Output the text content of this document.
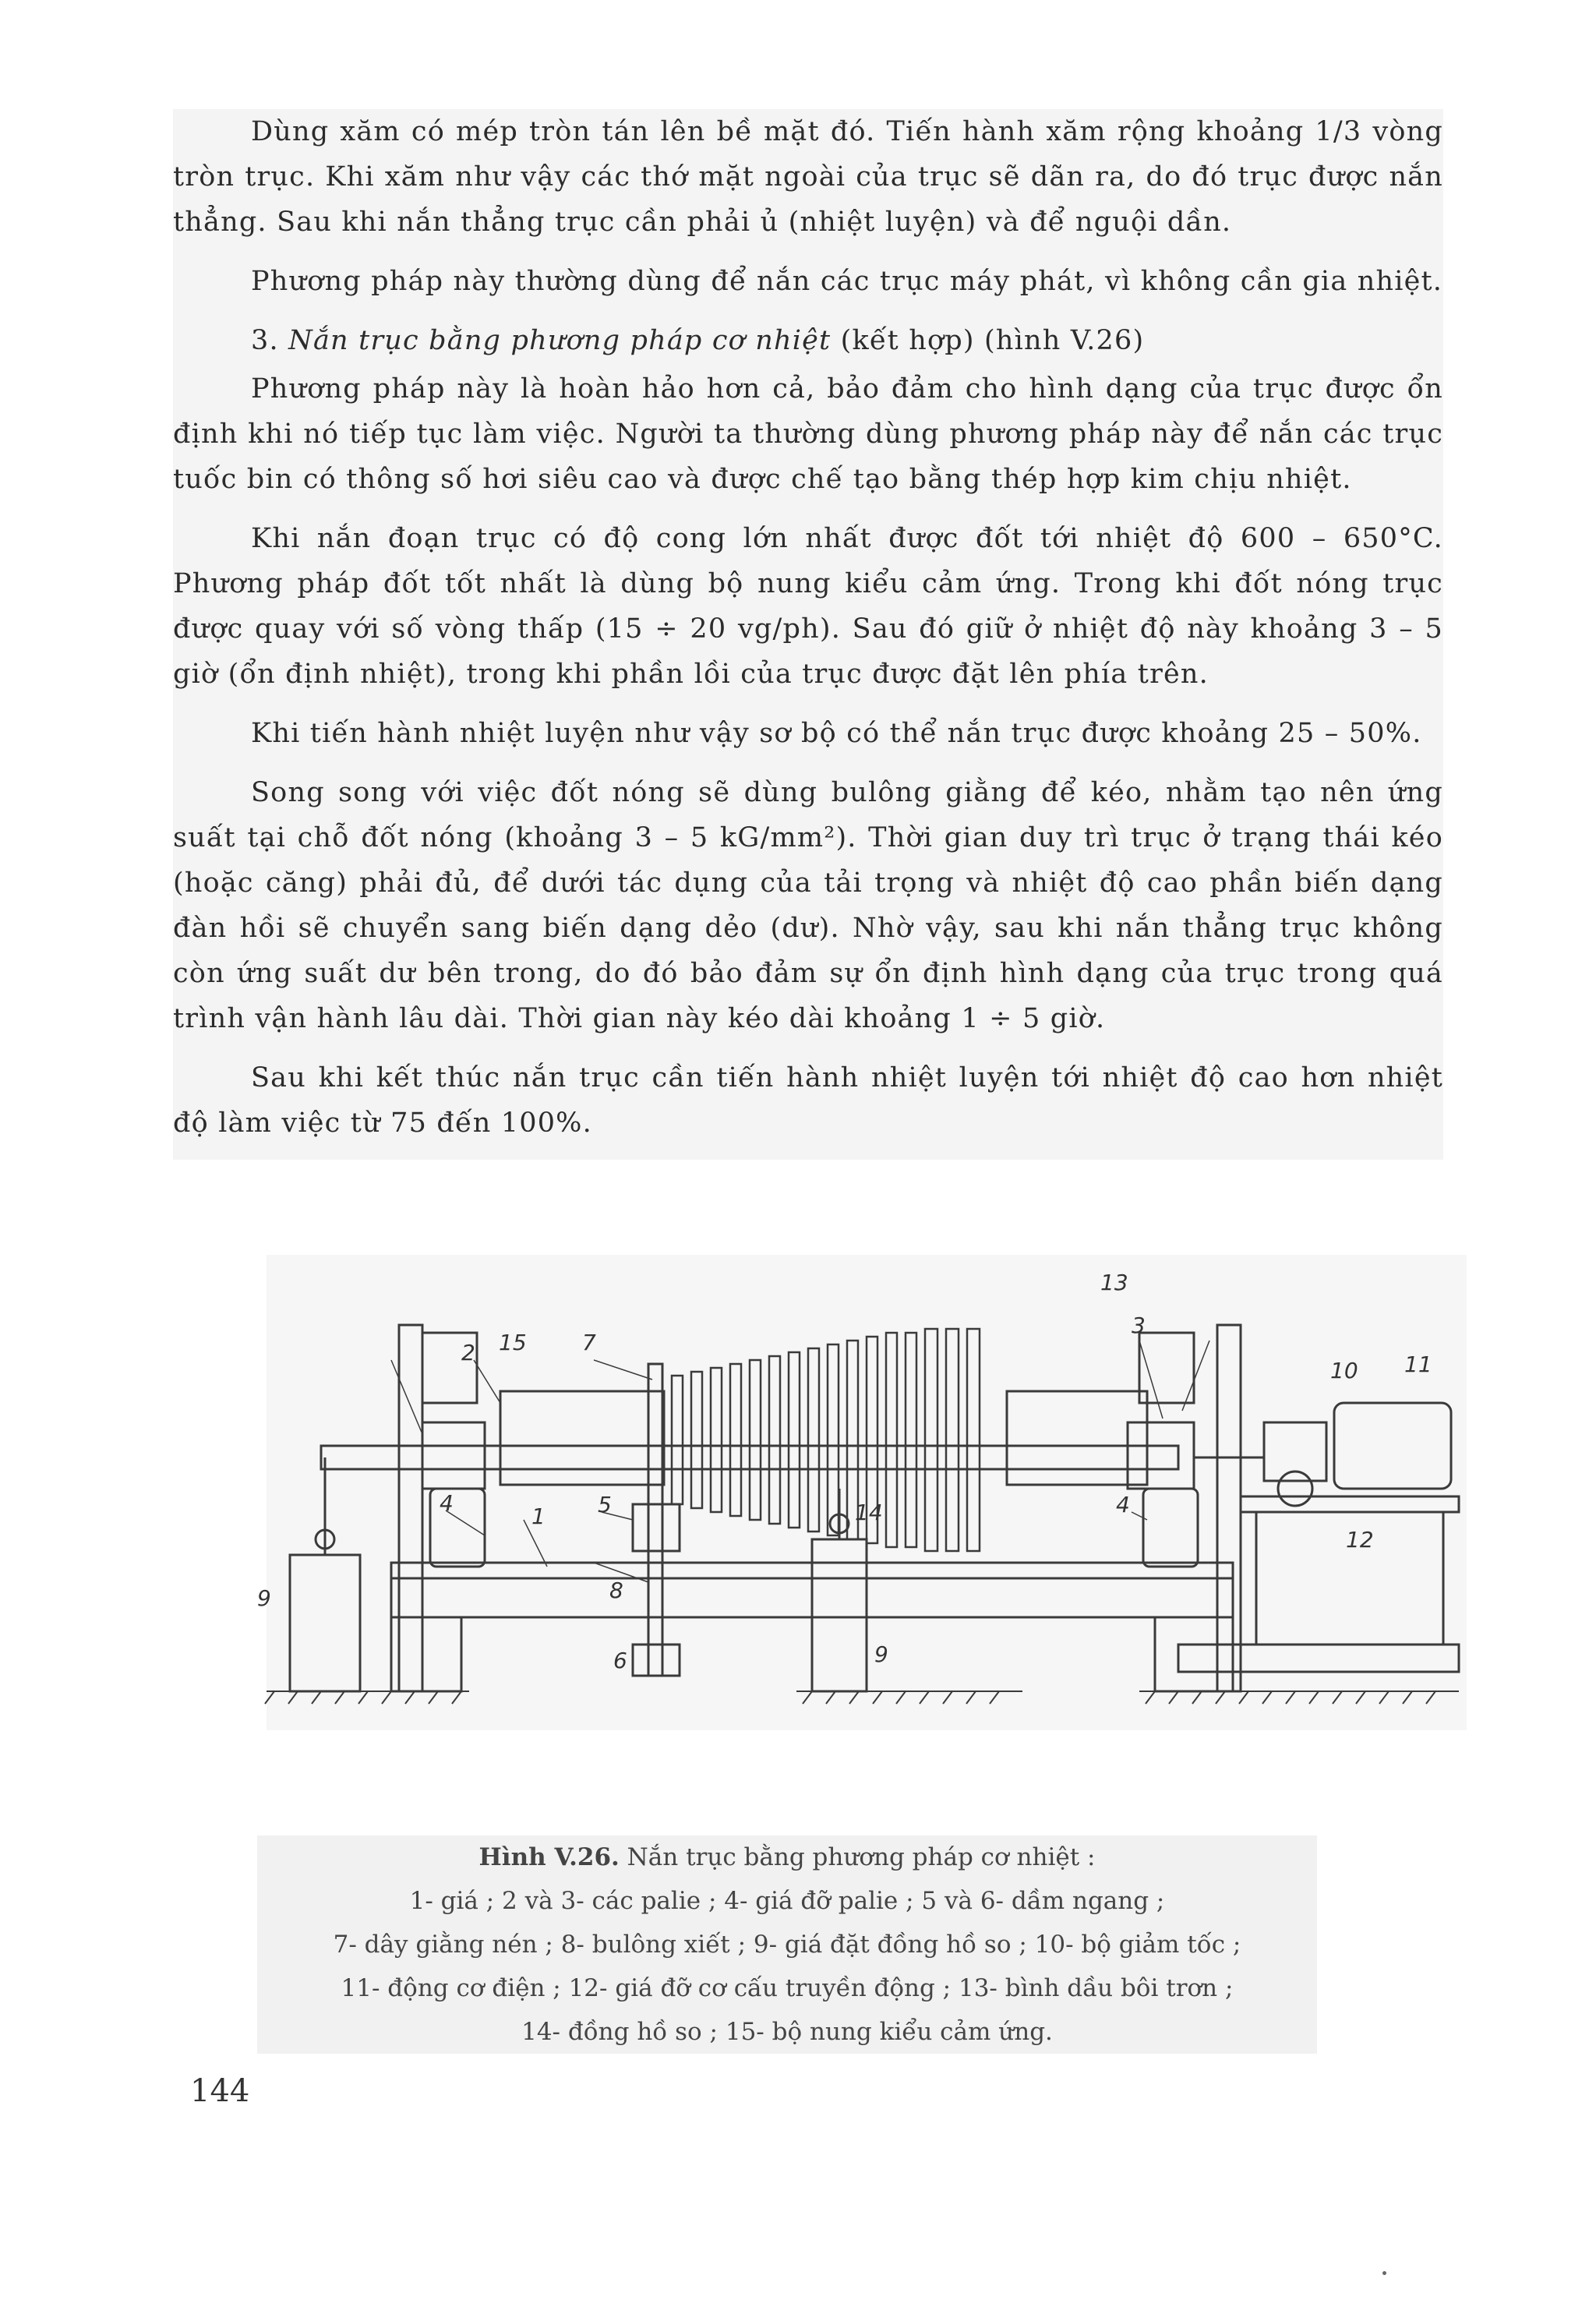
Dùng xăm có mép tròn tán lên bề mặt đó. Tiến hành xăm rộng khoảng 1/3 vòng tròn trục. Khi xăm như vậy các thớ mặt ngoài của trục sẽ dãn ra, do đó trục được nắn thẳng. Sau khi nắn thẳng trục cần phải ủ (nhiệt luyện) và để nguội dần.

Phương pháp này thường dùng để nắn các trục máy phát, vì không cần gia nhiệt.

3. Nắn trục bằng phương pháp cơ nhiệt (kết hợp) (hình V.26)

Phương pháp này là hoàn hảo hơn cả, bảo đảm cho hình dạng của trục được ổn định khi nó tiếp tục làm việc. Người ta thường dùng phương pháp này để nắn các trục tuốc bin có thông số hơi siêu cao và được chế tạo bằng thép hợp kim chịu nhiệt.

Khi nắn đoạn trục có độ cong lớn nhất được đốt tới nhiệt độ 600 – 650°C. Phương pháp đốt tốt nhất là dùng bộ nung kiểu cảm ứng. Trong khi đốt nóng trục được quay với số vòng thấp (15 ÷ 20 vg/ph). Sau đó giữ ở nhiệt độ này khoảng 3 – 5 giờ (ổn định nhiệt), trong khi phần lồi của trục được đặt lên phía trên.

Khi tiến hành nhiệt luyện như vậy sơ bộ có thể nắn trục được khoảng 25 – 50%.

Song song với việc đốt nóng sẽ dùng bulông giằng để kéo, nhằm tạo nên ứng suất tại chỗ đốt nóng (khoảng 3 – 5 kG/mm²). Thời gian duy trì trục ở trạng thái kéo (hoặc căng) phải đủ, để dưới tác dụng của tải trọng và nhiệt độ cao phần biến dạng đàn hồi sẽ chuyển sang biến dạng dẻo (dư). Nhờ vậy, sau khi nắn thẳng trục không còn ứng suất dư bên trong, do đó bảo đảm sự ổn định hình dạng của trục trong quá trình vận hành lâu dài. Thời gian này kéo dài khoảng 1 ÷ 5 giờ.

Sau khi kết thúc nắn trục cần tiến hành nhiệt luyện tới nhiệt độ cao hơn nhiệt độ làm việc từ 75 đến 100%.

1
2
3
4	4
5
6
7
8
9
9
10 11
12
13
14
15
Hình V.26. Nắn trục bằng phương pháp cơ nhiệt :
1- giá ; 2 và 3- các palie ; 4- giá đỡ palie ; 5 và 6- dầm ngang ;
7- dây giằng nén ; 8- bulông xiết ; 9- giá đặt đồng hồ so ; 10- bộ giảm tốc ;
11- động cơ điện ; 12- giá đỡ cơ cấu truyền động ; 13- bình dầu bôi trơn ;
14- đồng hồ so ; 15- bộ nung kiểu cảm ứng.
144
